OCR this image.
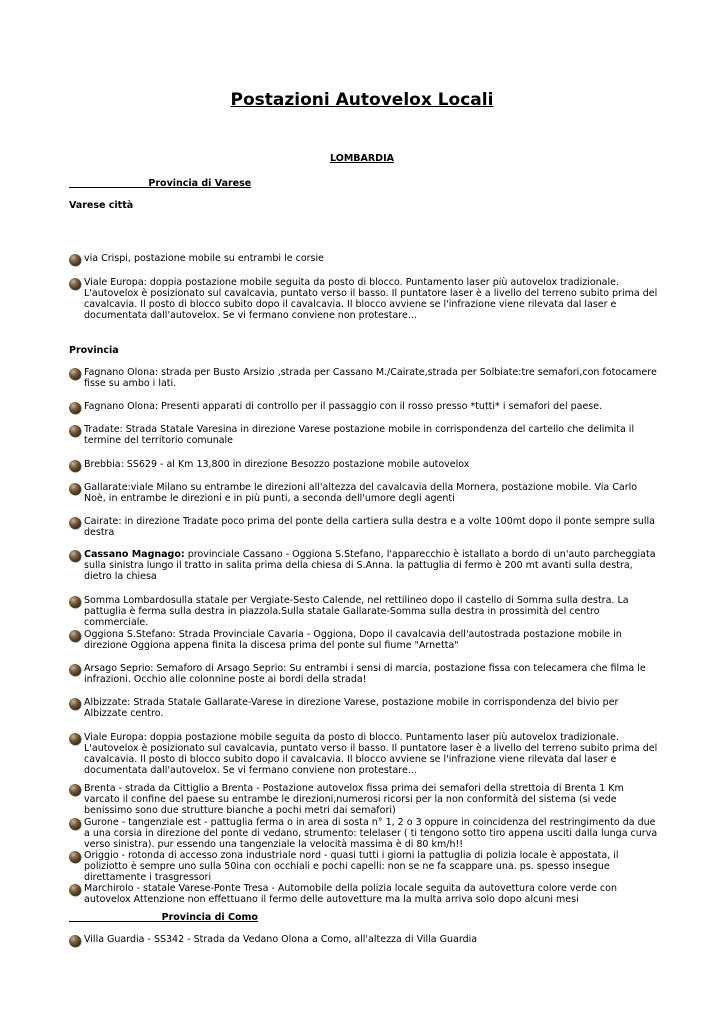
Postazioni Autovelox Locali
LOMBARDIA
Provincia di Varese
Varese città
via Crispi, postazione mobile su entrambi le corsie
Viale Europa: doppia postazione mobile seguita da posto di blocco. Puntamento laser più autovelox tradizionale. L'autovelox è posizionato sul cavalcavia, puntato verso il basso. Il puntatore laser è a livello del terreno subito prima del cavalcavia. Il posto di blocco subito dopo il cavalcavia. Il blocco avviene se l'infrazione viene rilevata dal laser e documentata dall'autovelox. Se vi fermano conviene non protestare...
Provincia
Fagnano Olona: strada per Busto Arsizio ,strada per Cassano M./Cairate,strada per Solbiate:tre semafori,con fotocamere fisse su ambo i lati.
Fagnano Olona: Presenti apparati di controllo per il passaggio con il rosso presso *tutti* i semafori del paese.
Tradate: Strada Statale Varesina in direzione Varese postazione mobile in corrispondenza del cartello che delimita il termine del territorio comunale
Brebbia: SS629 - al Km 13,800 in direzione Besozzo postazione mobile autovelox
Gallarate:viale Milano su entrambe le direzioni all'altezza del cavalcavia della Mornera, postazione mobile. Via Carlo Noè, in entrambe le direzioni e in più punti, a seconda dell'umore degli agenti
Cairate: in direzione Tradate poco prima del ponte della cartiera sulla destra e a volte 100mt dopo il ponte sempre sulla destra
Cassano Magnago: provinciale Cassano - Oggiona S.Stefano, l'apparecchio è istallato a bordo di un'auto parcheggiata sulla sinistra lungo il tratto in salita prima della chiesa di S.Anna. la pattuglia di fermo è 200 mt avanti sulla destra, dietro la chiesa
Somma Lombardosulla statale per Vergiate-Sesto Calende, nel rettilineo dopo il castello di Somma sulla destra. La pattuglia è ferma sulla destra in piazzola.Sulla statale Gallarate-Somma sulla destra in prossimità del centro commerciale.
Oggiona S.Stefano: Strada Provinciale Cavaria - Oggiona, Dopo il cavalcavia dell'autostrada postazione mobile in direzione Oggiona appena finita la discesa prima del ponte sul fiume "Arnetta"
Arsago Seprio: Semaforo di Arsago Seprio: Su entrambi i sensi di marcia, postazione fissa con telecamera che filma le infrazioni. Occhio alle colonnine poste ai bordi della strada!
Albizzate: Strada Statale Gallarate-Varese in direzione Varese, postazione mobile in corrispondenza del bivio per Albizzate centro.
Viale Europa: doppia postazione mobile seguita da posto di blocco. Puntamento laser più autovelox tradizionale. L'autovelox è posizionato sul cavalcavia, puntato verso il basso. Il puntatore laser è a livello del terreno subito prima del cavalcavia. Il posto di blocco subito dopo il cavalcavia. Il blocco avviene se l'infrazione viene rilevata dal laser e documentata dall'autovelox. Se vi fermano conviene non protestare...
Brenta - strada da Cittiglio a Brenta - Postazione autovelox fissa prima dei semafori della strettoia di Brenta 1 Km varcato il confine del paese su entrambe le direzioni,numerosi ricorsi per la non conformità del sistema (si vede benissimo sono due strutture bianche a pochi metri dai semafori)
Gurone - tangenziale est - pattuglia ferma o in area di sosta n° 1, 2 o 3 oppure in coincidenza del restringimento da due a una corsia in direzione del ponte di vedano, strumento: telelaser ( ti tengono sotto tiro appena usciti dalla lunga curva verso sinistra). pur essendo una tangenziale la velocità massima è di 80 km/h!!
Origgio - rotonda di accesso zona industriale nord - quasi tutti i giorni la pattuglia di polizia locale è appostata, il poliziotto è sempre uno sulla 50ina con occhiali e pochi capelli: non se ne fa scappare una. ps. spesso insegue direttamente i trasgressori
Marchirolo - statale Varese-Ponte Tresa - Automobile della polizia locale seguita da autovettura colore verde con autovelox Attenzione non effettuano il fermo delle autovetture ma la multa arriva solo dopo alcuni mesi
Provincia di Como
Villa Guardia - SS342 - Strada da Vedano Olona a Como, all'altezza di Villa Guardia
